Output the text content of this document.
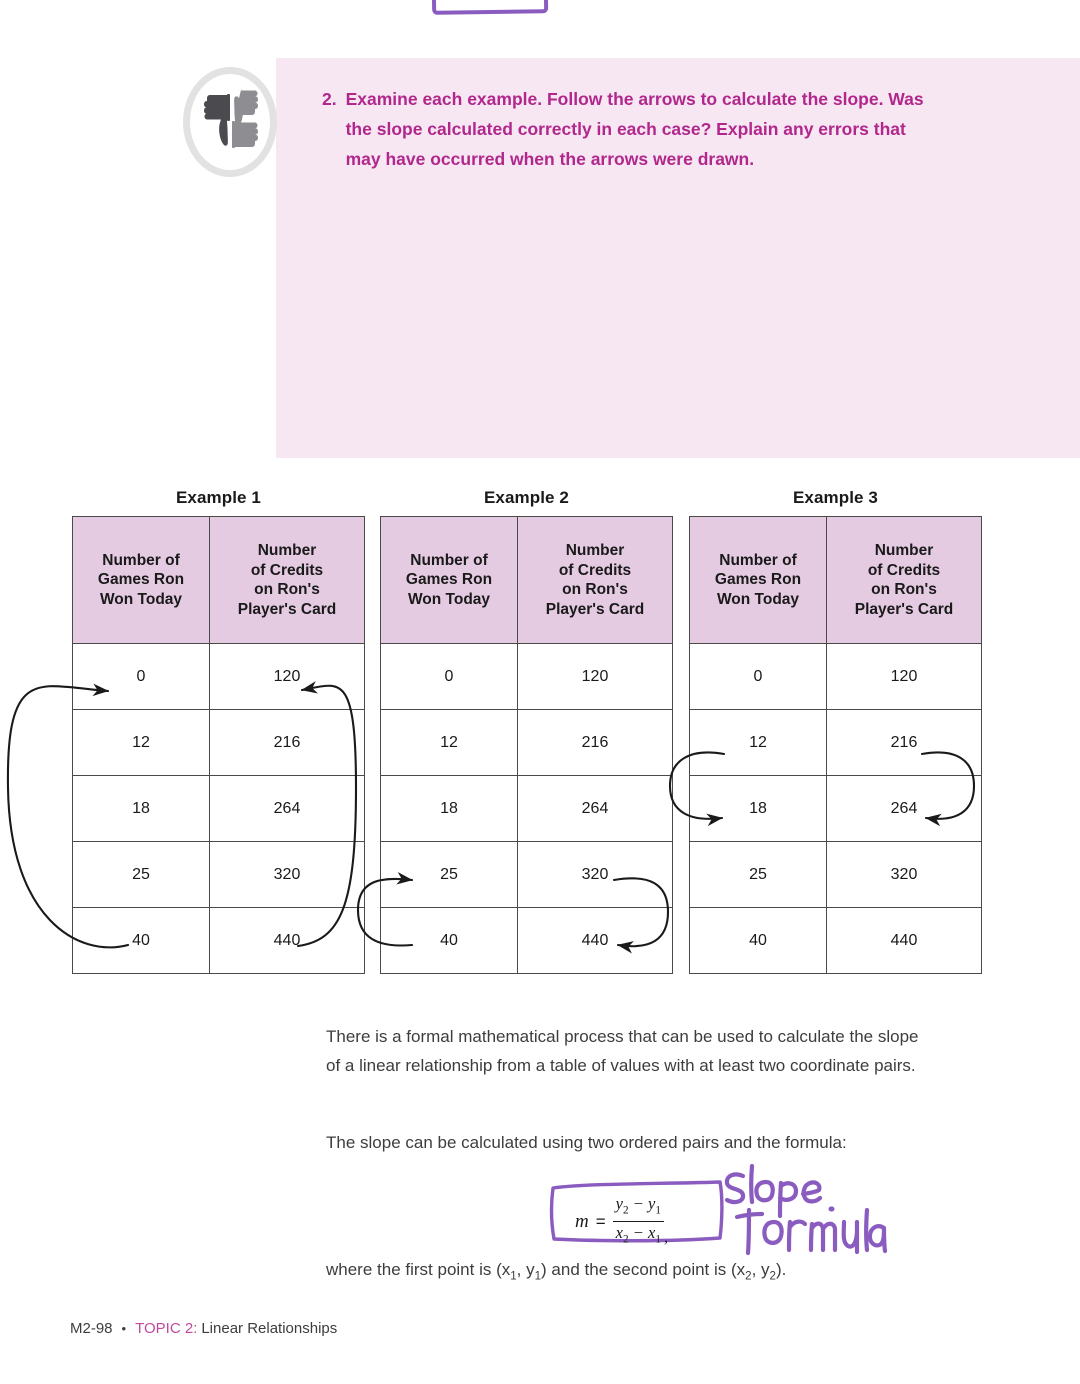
2. Examine each example. Follow the arrows to calculate the slope. Was the slope calculated correctly in each case? Explain any errors that may have occurred when the arrows were drawn.
Example 1
Number of
Games Ron
Won Today	Number
of Credits
on Ron's
Player's Card
0	120
12	216
18	264
25	320
40	440
Example 2
Number of
Games Ron
Won Today	Number
of Credits
on Ron's
Player's Card
0	120
12	216
18	264
25	320
40	440
Example 3
Number of
Games Ron
Won Today	Number
of Credits
on Ron's
Player's Card
0	120
12	216
18	264
25	320
40	440
There is a formal mathematical process that can be used to calculate the slope of a linear relationship from a table of values with at least two coordinate pairs.
The slope can be calculated using two ordered pairs and the formula:
where the first point is ($x_1$, $y_1$) and the second point is ($x_2$, $y_2$).
$m = \frac{y_2 - y_1}{x_2 - x_1}$ ,
M2-98 • TOPIC 2: Linear Relationships
